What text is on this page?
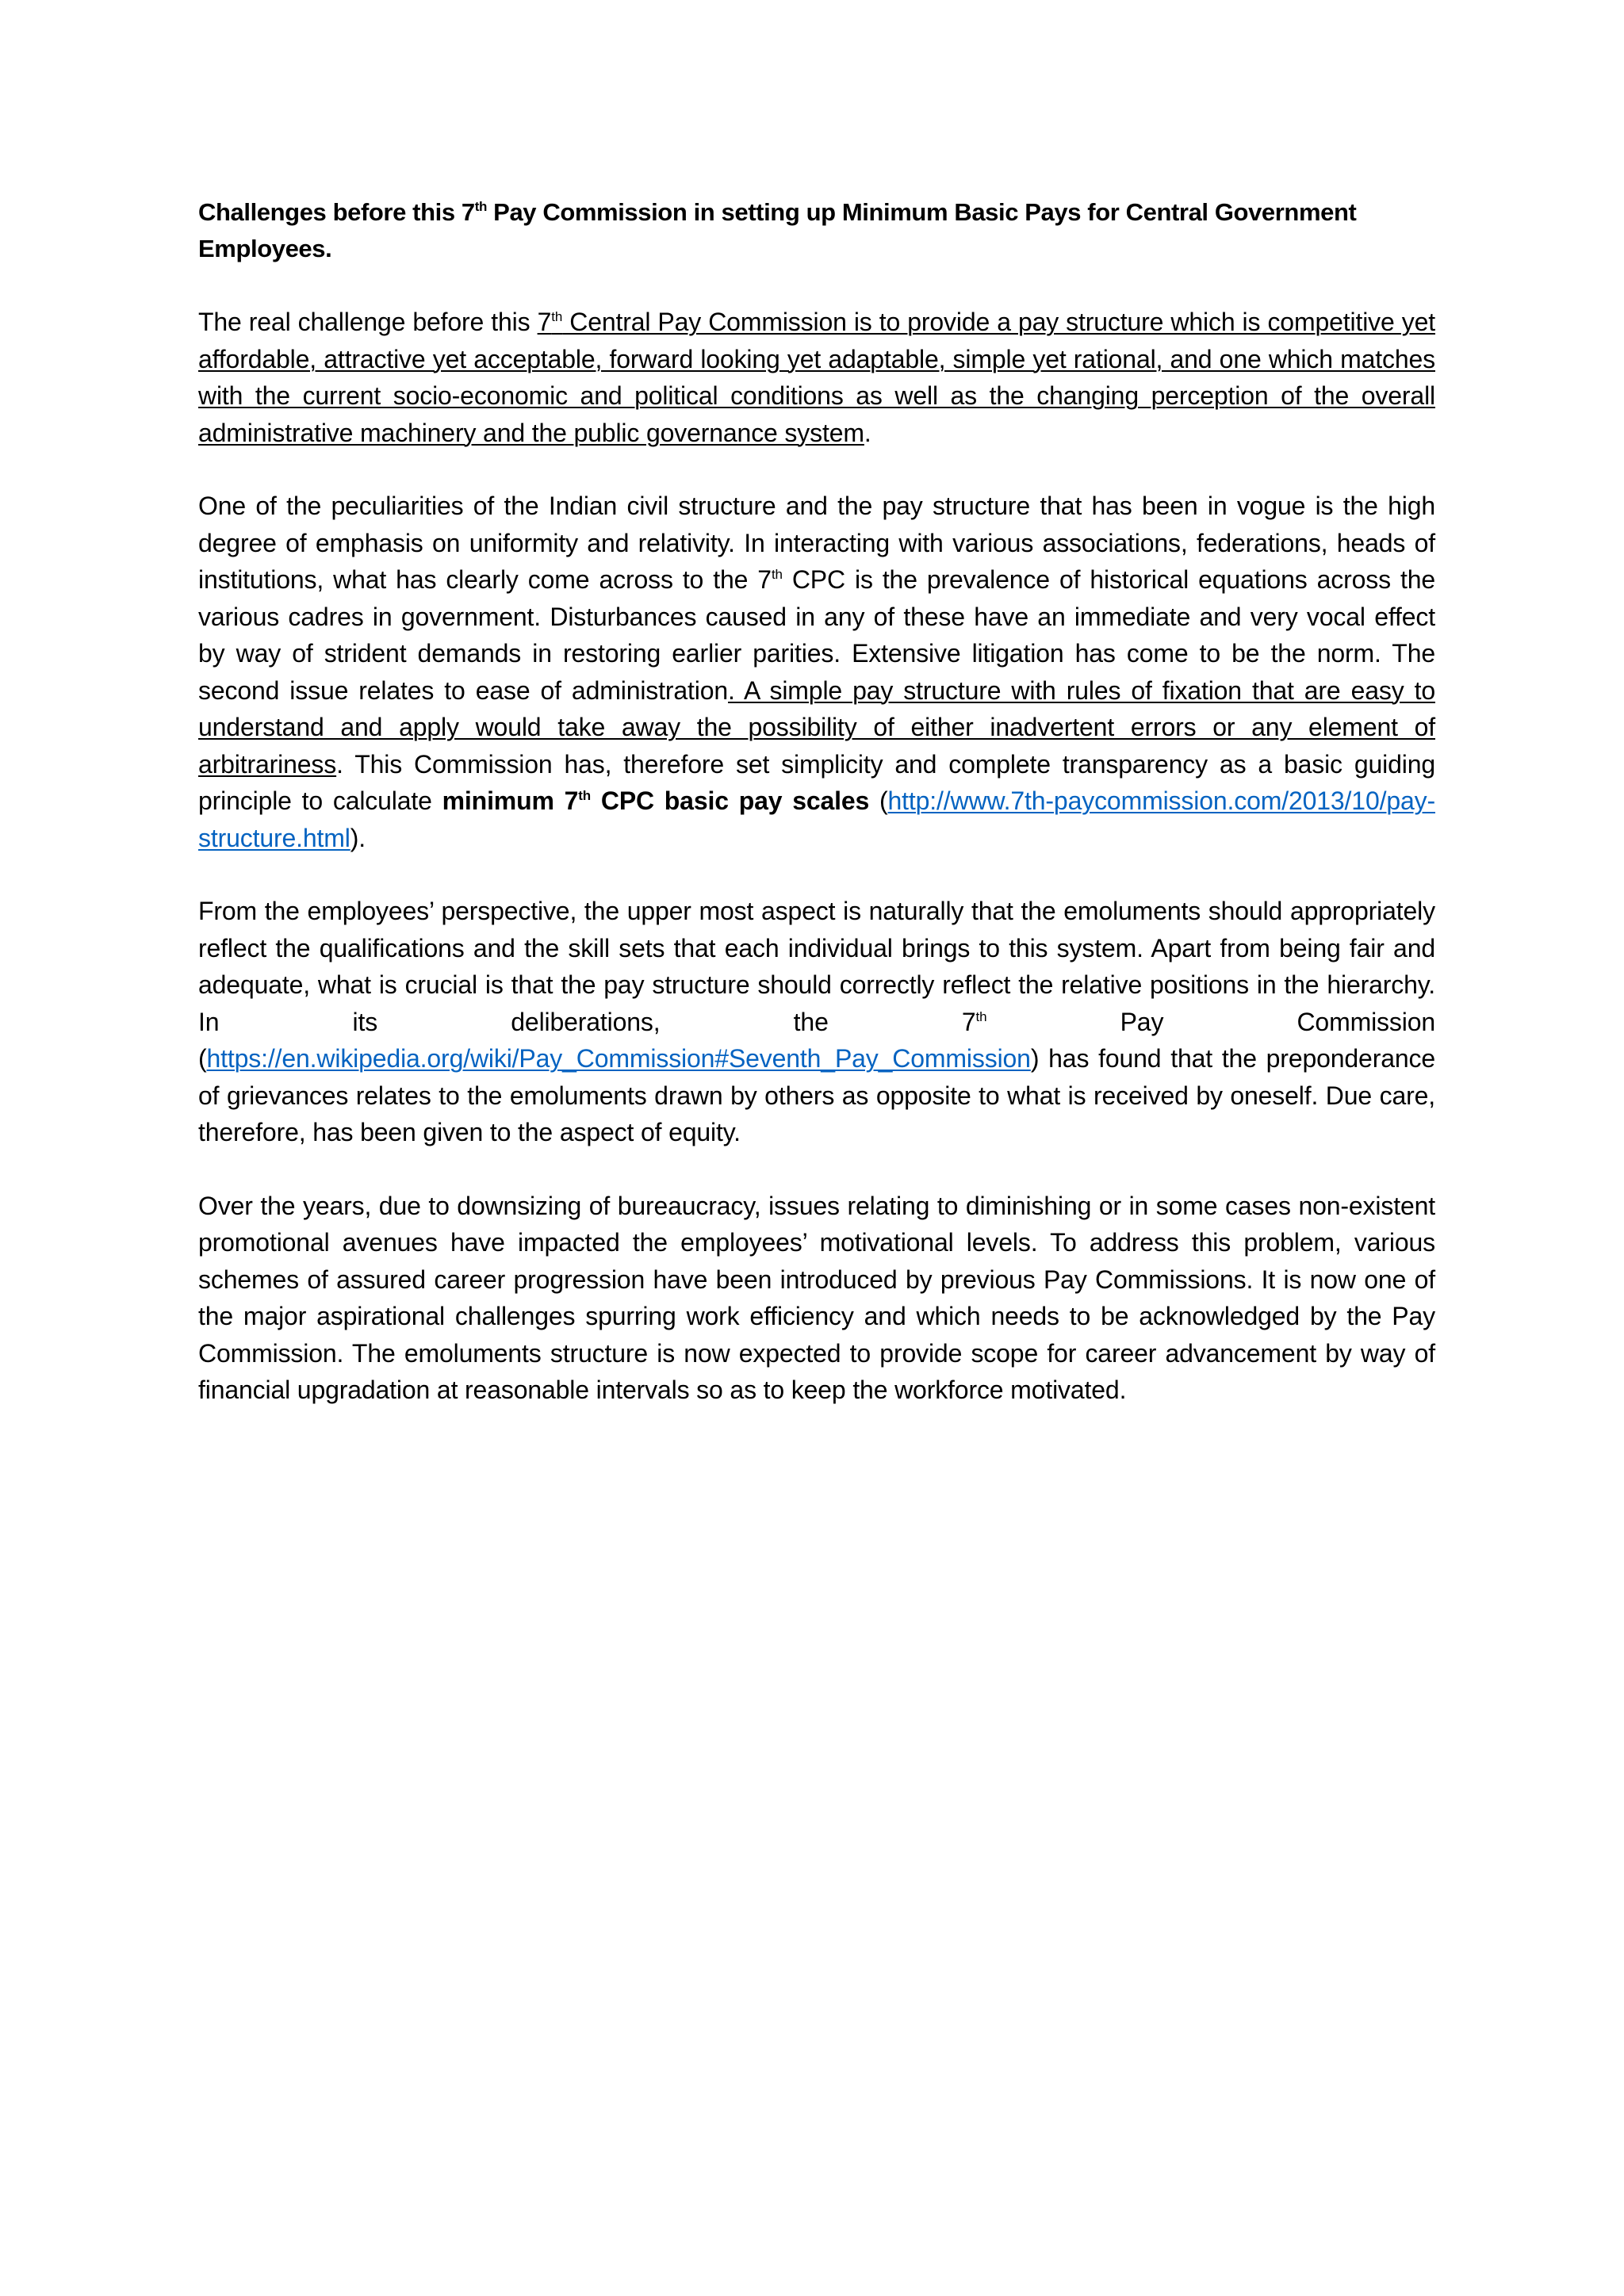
Challenges before this 7th Pay Commission in setting up Minimum Basic Pays for Central Government Employees.

The real challenge before this 7th Central Pay Commission is to provide a pay structure which is competitive yet affordable, attractive yet acceptable, forward looking yet adaptable, simple yet rational, and one which matches with the current socio-economic and political conditions as well as the changing perception of the overall administrative machinery and the public governance system.

One of the peculiarities of the Indian civil structure and the pay structure that has been in vogue is the high degree of emphasis on uniformity and relativity. In interacting with various associations, federations, heads of institutions, what has clearly come across to the 7th CPC is the prevalence of historical equations across the various cadres in government. Disturbances caused in any of these have an immediate and very vocal effect by way of strident demands in restoring earlier parities. Extensive litigation has come to be the norm. The second issue relates to ease of administration. A simple pay structure with rules of fixation that are easy to understand and apply would take away the possibility of either inadvertent errors or any element of arbitrariness. This Commission has, therefore set simplicity and complete transparency as a basic guiding principle to calculate minimum 7th CPC basic pay scales (http://www.7th-paycommission.com/2013/10/pay-structure.html).

From the employees’ perspective, the upper most aspect is naturally that the emoluments should appropriately reflect the qualifications and the skill sets that each individual brings to this system. Apart from being fair and adequate, what is crucial is that the pay structure should correctly reflect the relative positions in the hierarchy. In its deliberations, the 7th Pay Commission (https://en.wikipedia.org/wiki/Pay_Commission#Seventh_Pay_Commission) has found that the preponderance of grievances relates to the emoluments drawn by others as opposite to what is received by oneself. Due care, therefore, has been given to the aspect of equity.

Over the years, due to downsizing of bureaucracy, issues relating to diminishing or in some cases non-existent promotional avenues have impacted the employees’ motivational levels. To address this problem, various schemes of assured career progression have been introduced by previous Pay Commissions. It is now one of the major aspirational challenges spurring work efficiency and which needs to be acknowledged by the Pay Commission. The emoluments structure is now expected to provide scope for career advancement by way of financial upgradation at reasonable intervals so as to keep the workforce motivated.
